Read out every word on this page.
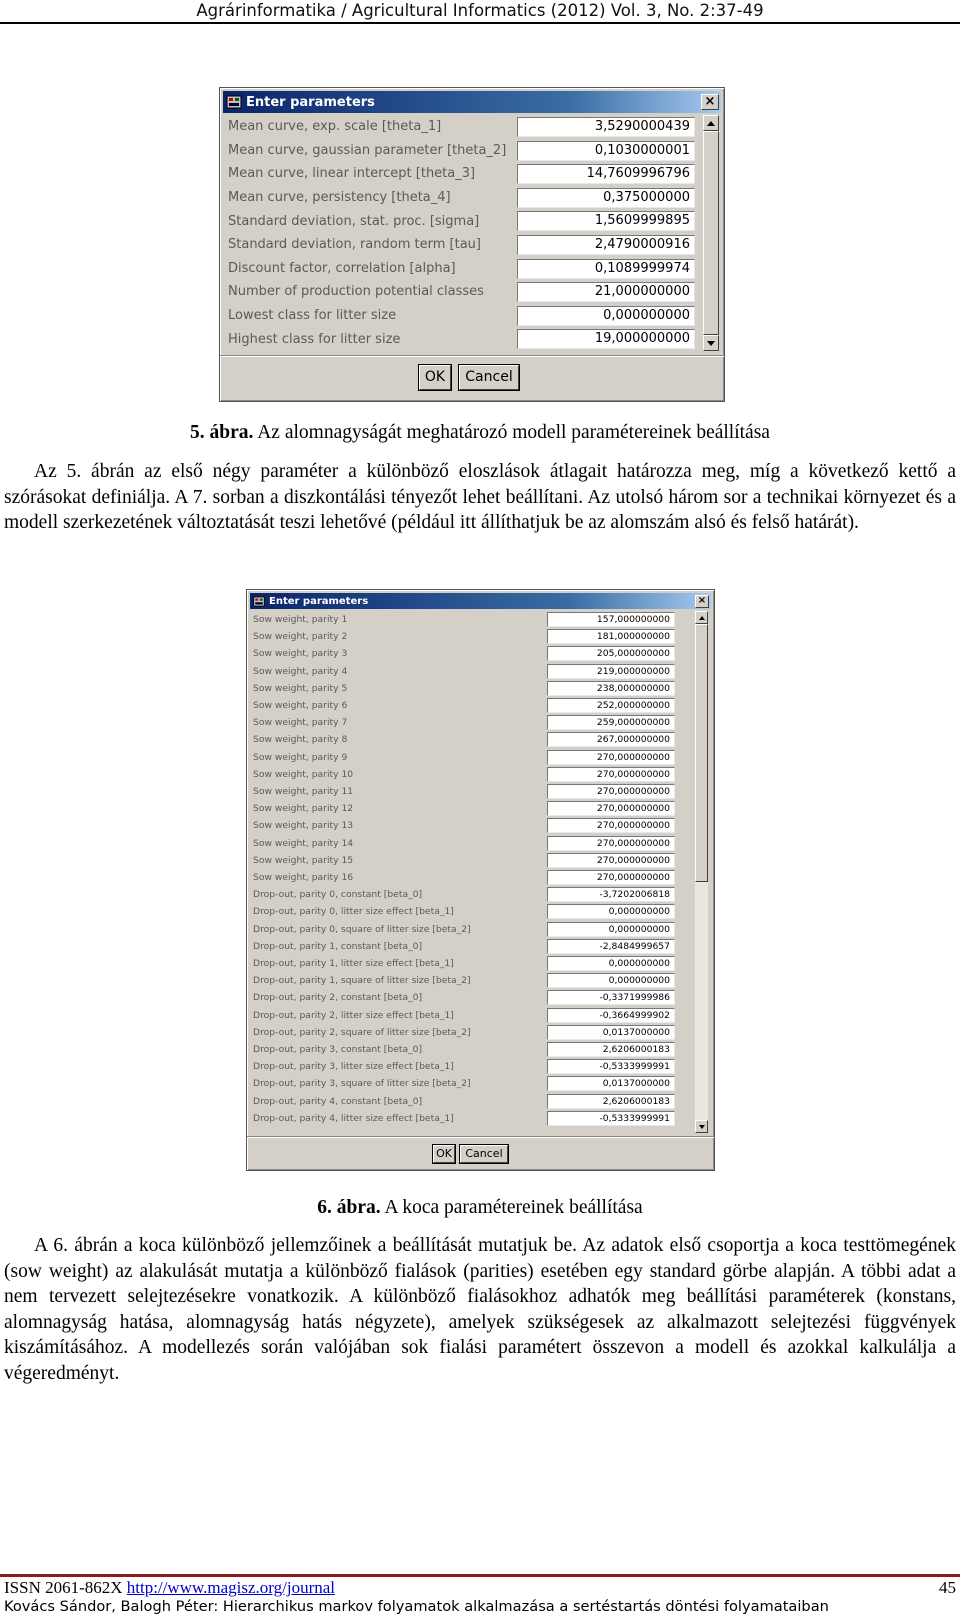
Agrárinformatika / Agricultural Informatics (2012) Vol. 3, No. 2:37-49
Enter parameters	×
Mean curve, exp. scale [theta_1]	3,5290000439
Mean curve, gaussian parameter [theta_2]	0,1030000001
Mean curve, linear intercept [theta_3]	14,7609996796
Mean curve, persistency [theta_4]	0,375000000
Standard deviation, stat. proc. [sigma]	1,5609999895
Standard deviation, random term [tau]	2,4790000916
Discount factor, correlation [alpha]	0,1089999974
Number of production potential classes	21,000000000
Lowest class for litter size	0,000000000
Highest class for litter size	19,000000000
OK	Cancel
5. ábra. Az alomnagyságát meghatározó modell paramétereinek beállítása

Az 5. ábrán az első négy paraméter a különböző eloszlások átlagait határozza meg, míg a következő kettő a szórásokat definiálja. A 7. sorban a diszkontálási tényezőt lehet beállítani. Az utolsó három sor a technikai környezet és a modell szerkezetének változtatását teszi lehetővé (például itt állíthatjuk be az alomszám alsó és felső határát).

Enter parameters	×
Sow weight, parity 1	157,000000000
Sow weight, parity 2	181,000000000
Sow weight, parity 3	205,000000000
Sow weight, parity 4	219,000000000
Sow weight, parity 5	238,000000000
Sow weight, parity 6	252,000000000
Sow weight, parity 7	259,000000000
Sow weight, parity 8	267,000000000
Sow weight, parity 9	270,000000000
Sow weight, parity 10	270,000000000
Sow weight, parity 11	270,000000000
Sow weight, parity 12	270,000000000
Sow weight, parity 13	270,000000000
Sow weight, parity 14	270,000000000
Sow weight, parity 15	270,000000000
Sow weight, parity 16	270,000000000
Drop-out, parity 0, constant [beta_0]	-3,7202006818
Drop-out, parity 0, litter size effect [beta_1]	0,000000000
Drop-out, parity 0, square of litter size [beta_2]	0,000000000
Drop-out, parity 1, constant [beta_0]	-2,8484999657
Drop-out, parity 1, litter size effect [beta_1]	0,000000000
Drop-out, parity 1, square of litter size [beta_2]	0,000000000
Drop-out, parity 2, constant [beta_0]	-0,3371999986
Drop-out, parity 2, litter size effect [beta_1]	-0,3664999902
Drop-out, parity 2, square of litter size [beta_2]	0,0137000000
Drop-out, parity 3, constant [beta_0]	2,6206000183
Drop-out, parity 3, litter size effect [beta_1]	-0,5333999991
Drop-out, parity 3, square of litter size [beta_2]	0,0137000000
Drop-out, parity 4, constant [beta_0]	2,6206000183
Drop-out, parity 4, litter size effect [beta_1]	-0,5333999991
OK	Cancel
6. ábra. A koca paramétereinek beállítása

A 6. ábrán a koca különböző jellemzőinek a beállítását mutatjuk be. Az adatok első csoportja a koca testtömegének (sow weight) az alakulását mutatja a különböző fialások (parities) esetében egy standard görbe alapján. A többi adat a nem tervezett selejtezésekre vonatkozik. A különböző fialásokhoz adhatók meg beállítási paraméterek (konstans, alomnagyság hatása, alomnagyság hatás négyzete), amelyek szükségesek az alkalmazott selejtezési függvények kiszámításához. A modellezés során valójában sok fialási paramétert összevon a modell és azokkal kalkulálja a végeredményt.

ISSN 2061-862X http://www.magisz.org/journal	45
Kovács Sándor, Balogh Péter: Hierarchikus markov folyamatok alkalmazása a sertéstartás döntési folyamataiban
